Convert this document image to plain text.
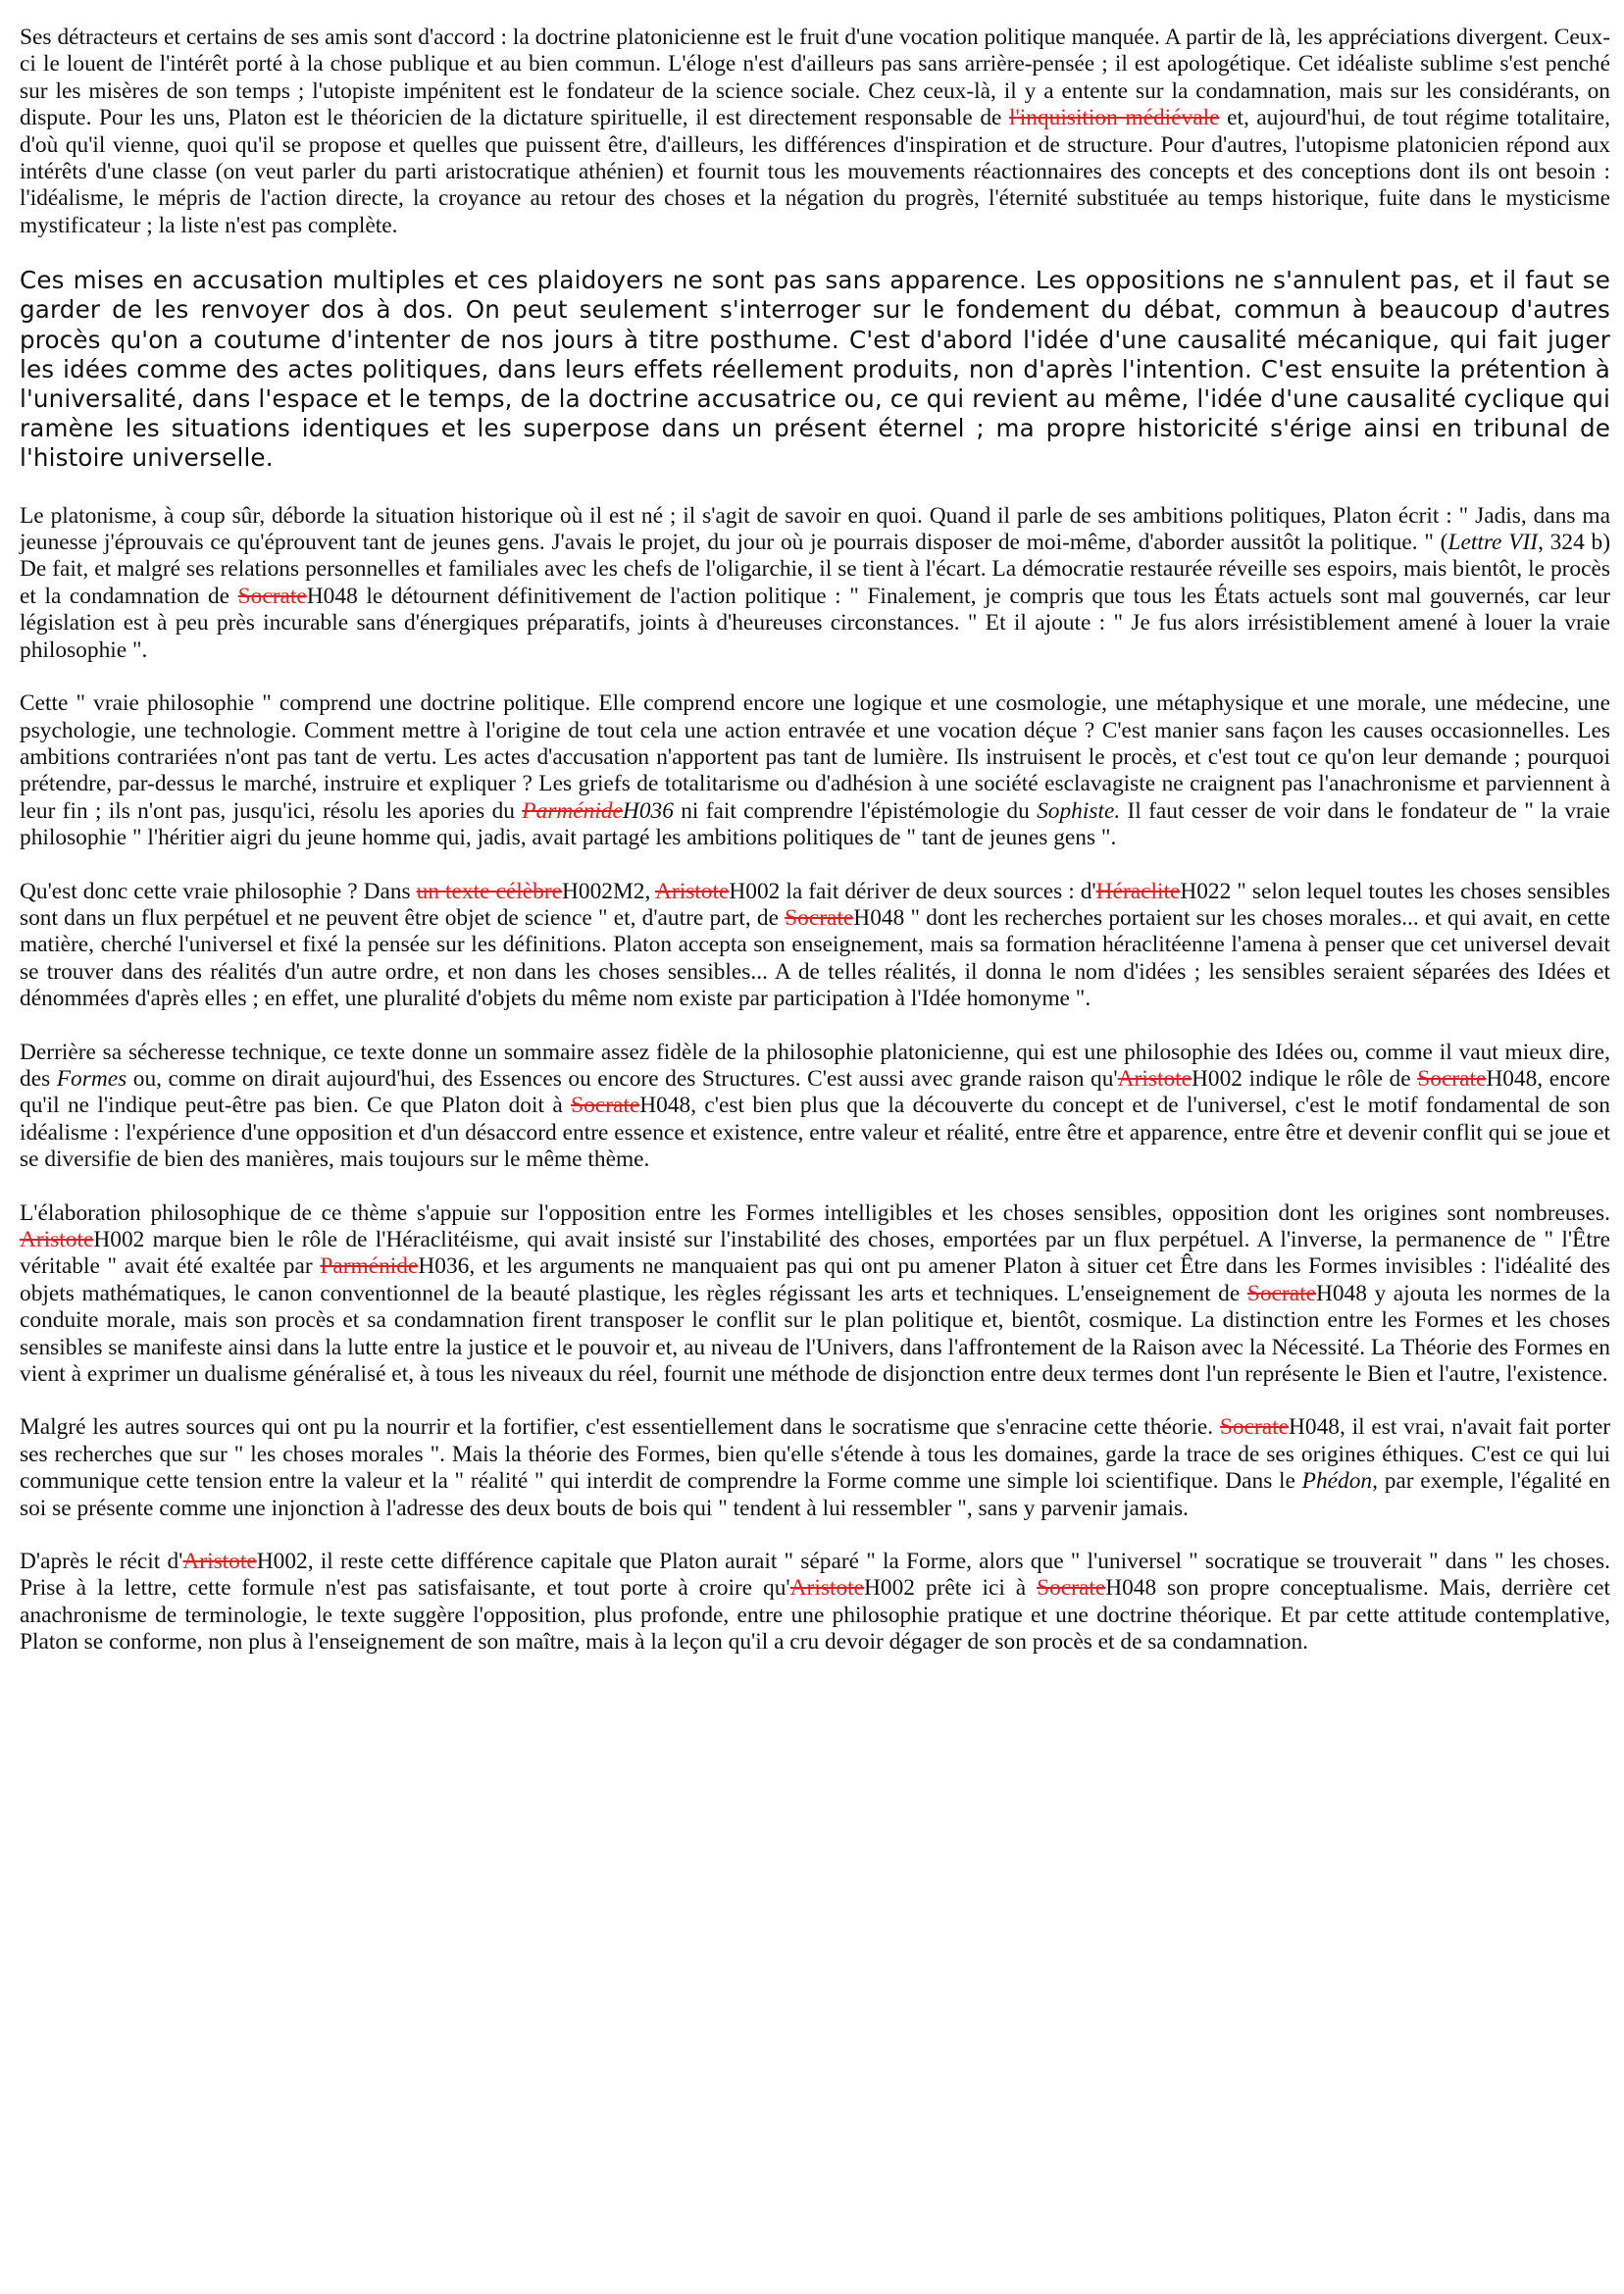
Ses détracteurs et certains de ses amis sont d'accord : la doctrine platonicienne est le fruit d'une vocation politique manquée. A partir de là, les appréciations divergent. Ceux-ci le louent de l'intérêt porté à la chose publique et au bien commun. L'éloge n'est d'ailleurs pas sans arrière-pensée ; il est apologétique. Cet idéaliste sublime s'est penché sur les misères de son temps ; l'utopiste impénitent est le fondateur de la science sociale. Chez ceux-là, il y a entente sur la condamnation, mais sur les considérants, on dispute. Pour les uns, Platon est le théoricien de la dictature spirituelle, il est directement responsable de l'inquisition médiévale et, aujourd'hui, de tout régime totalitaire, d'où qu'il vienne, quoi qu'il se propose et quelles que puissent être, d'ailleurs, les différences d'inspiration et de structure. Pour d'autres, l'utopisme platonicien répond aux intérêts d'une classe (on veut parler du parti aristocratique athénien) et fournit tous les mouvements réactionnaires des concepts et des conceptions dont ils ont besoin : l'idéalisme, le mépris de l'action directe, la croyance au retour des choses et la négation du progrès, l'éternité substituée au temps historique, fuite dans le mysticisme mystificateur ; la liste n'est pas complète.

Ces mises en accusation multiples et ces plaidoyers ne sont pas sans apparence. Les oppositions ne s'annulent pas, et il faut se garder de les renvoyer dos à dos. On peut seulement s'interroger sur le fondement du débat, commun à beaucoup d'autres procès qu'on a coutume d'intenter de nos jours à titre posthume. C'est d'abord l'idée d'une causalité mécanique, qui fait juger les idées comme des actes politiques, dans leurs effets réellement produits, non d'après l'intention. C'est ensuite la prétention à l'universalité, dans l'espace et le temps, de la doctrine accusatrice ou, ce qui revient au même, l'idée d'une causalité cyclique qui ramène les situations identiques et les superpose dans un présent éternel ; ma propre historicité s'érige ainsi en tribunal de l'histoire universelle.

Le platonisme, à coup sûr, déborde la situation historique où il est né ; il s'agit de savoir en quoi. Quand il parle de ses ambitions politiques, Platon écrit : " Jadis, dans ma jeunesse j'éprouvais ce qu'éprouvent tant de jeunes gens. J'avais le projet, du jour où je pourrais disposer de moi-même, d'aborder aussitôt la politique. " (Lettre VII, 324 b) De fait, et malgré ses relations personnelles et familiales avec les chefs de l'oligarchie, il se tient à l'écart. La démocratie restaurée réveille ses espoirs, mais bientôt, le procès et la condamnation de SocrateH048 le détournent définitivement de l'action politique : " Finalement, je compris que tous les États actuels sont mal gouvernés, car leur législation est à peu près incurable sans d'énergiques préparatifs, joints à d'heureuses circonstances. " Et il ajoute : " Je fus alors irrésistiblement amené à louer la vraie philosophie ".

Cette " vraie philosophie " comprend une doctrine politique. Elle comprend encore une logique et une cosmologie, une métaphysique et une morale, une médecine, une psychologie, une technologie. Comment mettre à l'origine de tout cela une action entravée et une vocation déçue ? C'est manier sans façon les causes occasionnelles. Les ambitions contrariées n'ont pas tant de vertu. Les actes d'accusation n'apportent pas tant de lumière. Ils instruisent le procès, et c'est tout ce qu'on leur demande ; pourquoi prétendre, par-dessus le marché, instruire et expliquer ? Les griefs de totalitarisme ou d'adhésion à une société esclavagiste ne craignent pas l'anachronisme et parviennent à leur fin ; ils n'ont pas, jusqu'ici, résolu les apories du ParménideH036 ni fait comprendre l'épistémologie du Sophiste. Il faut cesser de voir dans le fondateur de " la vraie philosophie " l'héritier aigri du jeune homme qui, jadis, avait partagé les ambitions politiques de " tant de jeunes gens ".

Qu'est donc cette vraie philosophie ? Dans un texte célèbreH002M2, AristoteH002 la fait dériver de deux sources : d'HéracliteH022 " selon lequel toutes les choses sensibles sont dans un flux perpétuel et ne peuvent être objet de science " et, d'autre part, de SocrateH048 " dont les recherches portaient sur les choses morales... et qui avait, en cette matière, cherché l'universel et fixé la pensée sur les définitions. Platon accepta son enseignement, mais sa formation héraclitéenne l'amena à penser que cet universel devait se trouver dans des réalités d'un autre ordre, et non dans les choses sensibles... A de telles réalités, il donna le nom d'idées ; les sensibles seraient séparées des Idées et dénommées d'après elles ; en effet, une pluralité d'objets du même nom existe par participation à l'Idée homonyme ".

Derrière sa sécheresse technique, ce texte donne un sommaire assez fidèle de la philosophie platonicienne, qui est une philosophie des Idées ou, comme il vaut mieux dire, des Formes ou, comme on dirait aujourd'hui, des Essences ou encore des Structures. C'est aussi avec grande raison qu'AristoteH002 indique le rôle de SocrateH048, encore qu'il ne l'indique peut-être pas bien. Ce que Platon doit à SocrateH048, c'est bien plus que la découverte du concept et de l'universel, c'est le motif fondamental de son idéalisme : l'expérience d'une opposition et d'un désaccord entre essence et existence, entre valeur et réalité, entre être et apparence, entre être et devenir conflit qui se joue et se diversifie de bien des manières, mais toujours sur le même thème.

L'élaboration philosophique de ce thème s'appuie sur l'opposition entre les Formes intelligibles et les choses sensibles, opposition dont les origines sont nombreuses. AristoteH002 marque bien le rôle de l'Héraclitéisme, qui avait insisté sur l'instabilité des choses, emportées par un flux perpétuel. A l'inverse, la permanence de " l'Être véritable " avait été exaltée par ParménideH036, et les arguments ne manquaient pas qui ont pu amener Platon à situer cet Être dans les Formes invisibles : l'idéalité des objets mathématiques, le canon conventionnel de la beauté plastique, les règles régissant les arts et techniques. L'enseignement de SocrateH048 y ajouta les normes de la conduite morale, mais son procès et sa condamnation firent transposer le conflit sur le plan politique et, bientôt, cosmique. La distinction entre les Formes et les choses sensibles se manifeste ainsi dans la lutte entre la justice et le pouvoir et, au niveau de l'Univers, dans l'affrontement de la Raison avec la Nécessité. La Théorie des Formes en vient à exprimer un dualisme généralisé et, à tous les niveaux du réel, fournit une méthode de disjonction entre deux termes dont l'un représente le Bien et l'autre, l'existence.

Malgré les autres sources qui ont pu la nourrir et la fortifier, c'est essentiellement dans le socratisme que s'enracine cette théorie. SocrateH048, il est vrai, n'avait fait porter ses recherches que sur " les choses morales ". Mais la théorie des Formes, bien qu'elle s'étende à tous les domaines, garde la trace de ses origines éthiques. C'est ce qui lui communique cette tension entre la valeur et la " réalité " qui interdit de comprendre la Forme comme une simple loi scientifique. Dans le Phédon, par exemple, l'égalité en soi se présente comme une injonction à l'adresse des deux bouts de bois qui " tendent à lui ressembler ", sans y parvenir jamais.

D'après le récit d'AristoteH002, il reste cette différence capitale que Platon aurait " séparé " la Forme, alors que " l'universel " socratique se trouverait " dans " les choses. Prise à la lettre, cette formule n'est pas satisfaisante, et tout porte à croire qu'AristoteH002 prête ici à SocrateH048 son propre conceptualisme. Mais, derrière cet anachronisme de terminologie, le texte suggère l'opposition, plus profonde, entre une philosophie pratique et une doctrine théorique. Et par cette attitude contemplative, Platon se conforme, non plus à l'enseignement de son maître, mais à la leçon qu'il a cru devoir dégager de son procès et de sa condamnation.
